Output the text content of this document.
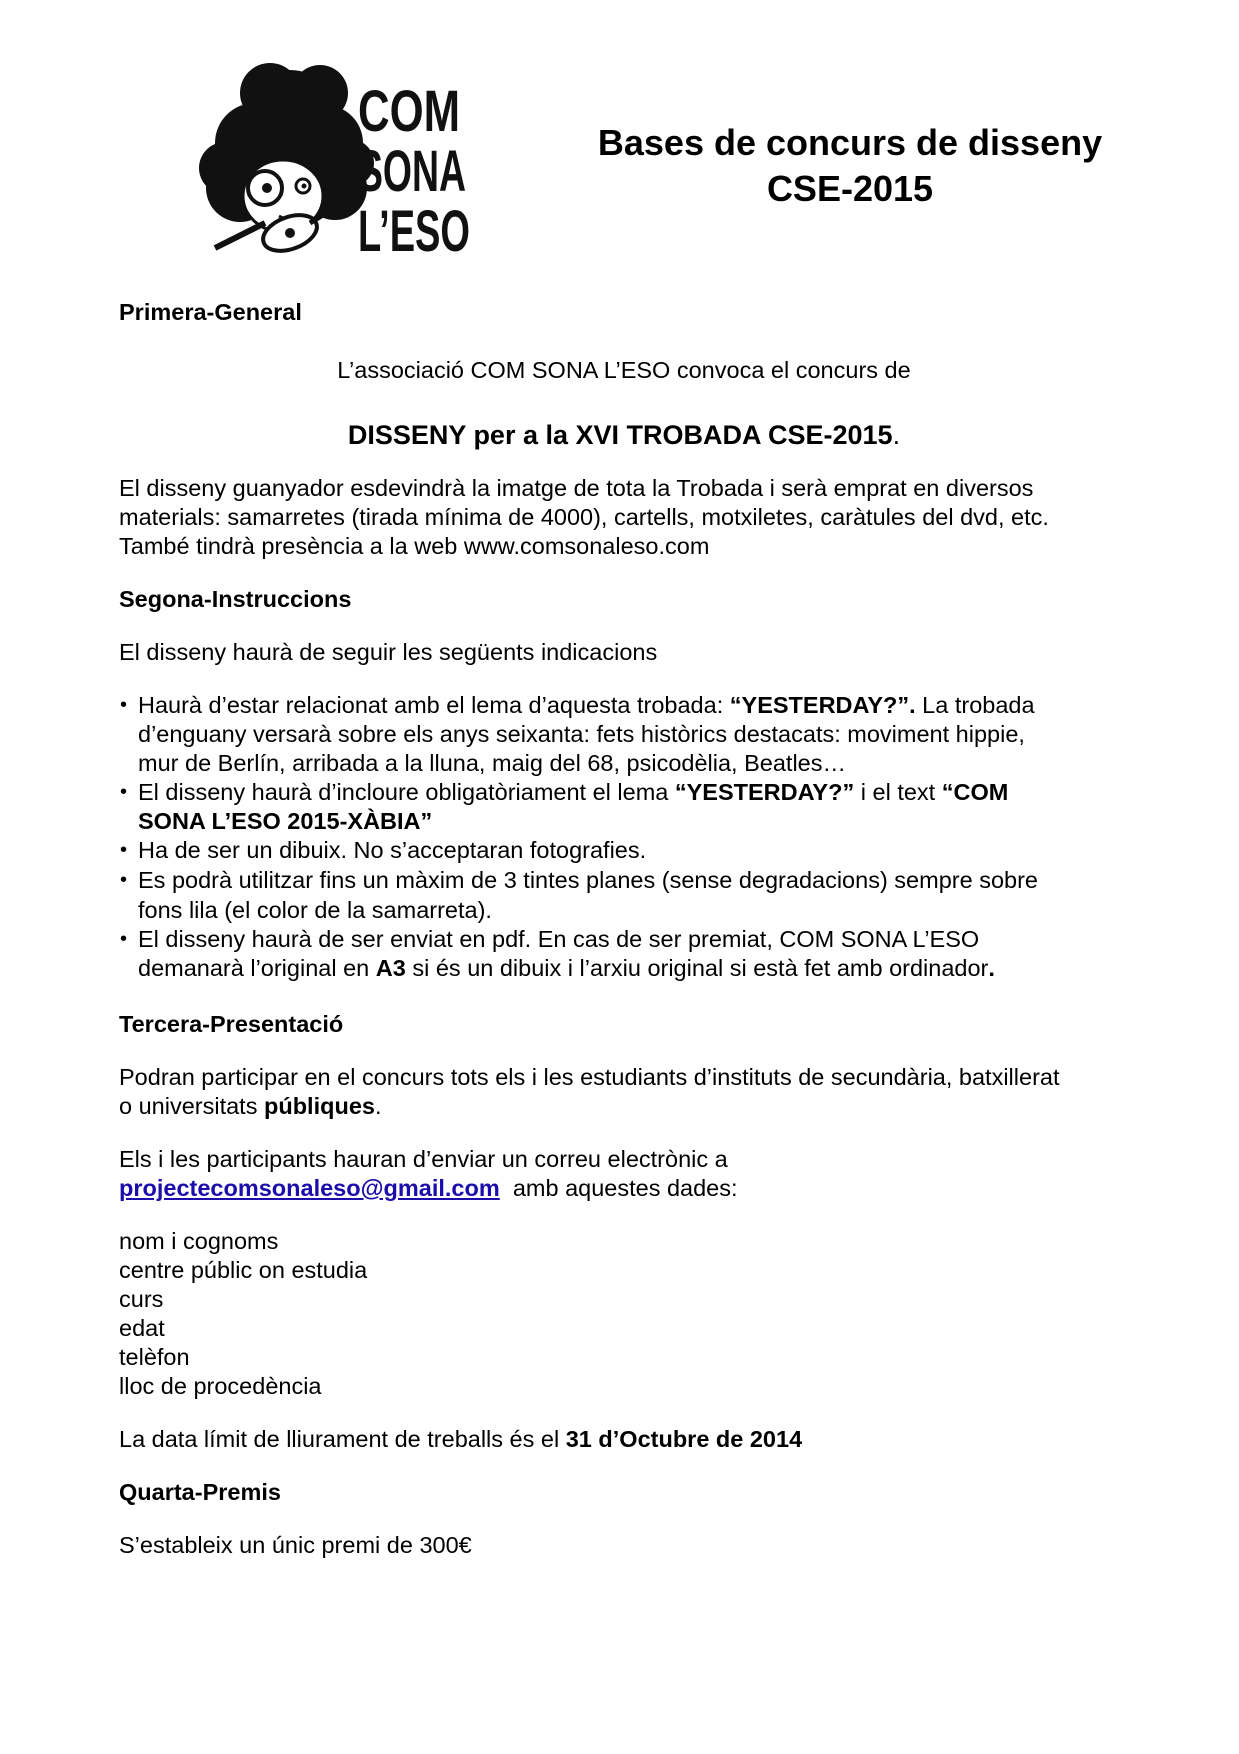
COM
SONA
L’ESO
Bases de concurs de disseny
CSE-2015

Primera-General

L’associació COM SONA L’ESO convoca el concurs de

DISSENY per a la XVI TROBADA CSE-2015.

El disseny guanyador esdevindrà la imatge de tota la Trobada i serà emprat en diversos
materials: samarretes (tirada mínima de 4000), cartells, motxiletes, caràtules del dvd, etc.
També tindrà presència a la web www.comsonaleso.com

Segona-Instruccions

El disseny haurà de seguir les següents indicacions

• Haurà d’estar relacionat amb el lema d’aquesta trobada: “YESTERDAY?”. La trobada
d’enguany versarà sobre els anys seixanta: fets històrics destacats: moviment hippie,
mur de Berlín, arribada a la lluna, maig del 68, psicodèlia, Beatles…
• El disseny haurà d’incloure obligatòriament el lema “YESTERDAY?” i el text “COM
SONA L’ESO 2015-XÀBIA”
• Ha de ser un dibuix. No s’acceptaran fotografies.
• Es podrà utilitzar fins un màxim de 3 tintes planes (sense degradacions) sempre sobre
fons lila (el color de la samarreta).
• El disseny haurà de ser enviat en pdf. En cas de ser premiat, COM SONA L’ESO
demanarà l’original en A3 si és un dibuix i l’arxiu original si està fet amb ordinador.

Tercera-Presentació

Podran participar en el concurs tots els i les estudiants d’instituts de secundària, batxillerat
o universitats públiques.

Els i les participants hauran d’enviar un correu electrònic a
projectecomsonaleso@gmail.com  amb aquestes dades:

nom i cognoms
centre públic on estudia
curs
edat
telèfon
lloc de procedència

La data límit de lliurament de treballs és el 31 d’Octubre de 2014

Quarta-Premis

S’estableix un únic premi de 300€
